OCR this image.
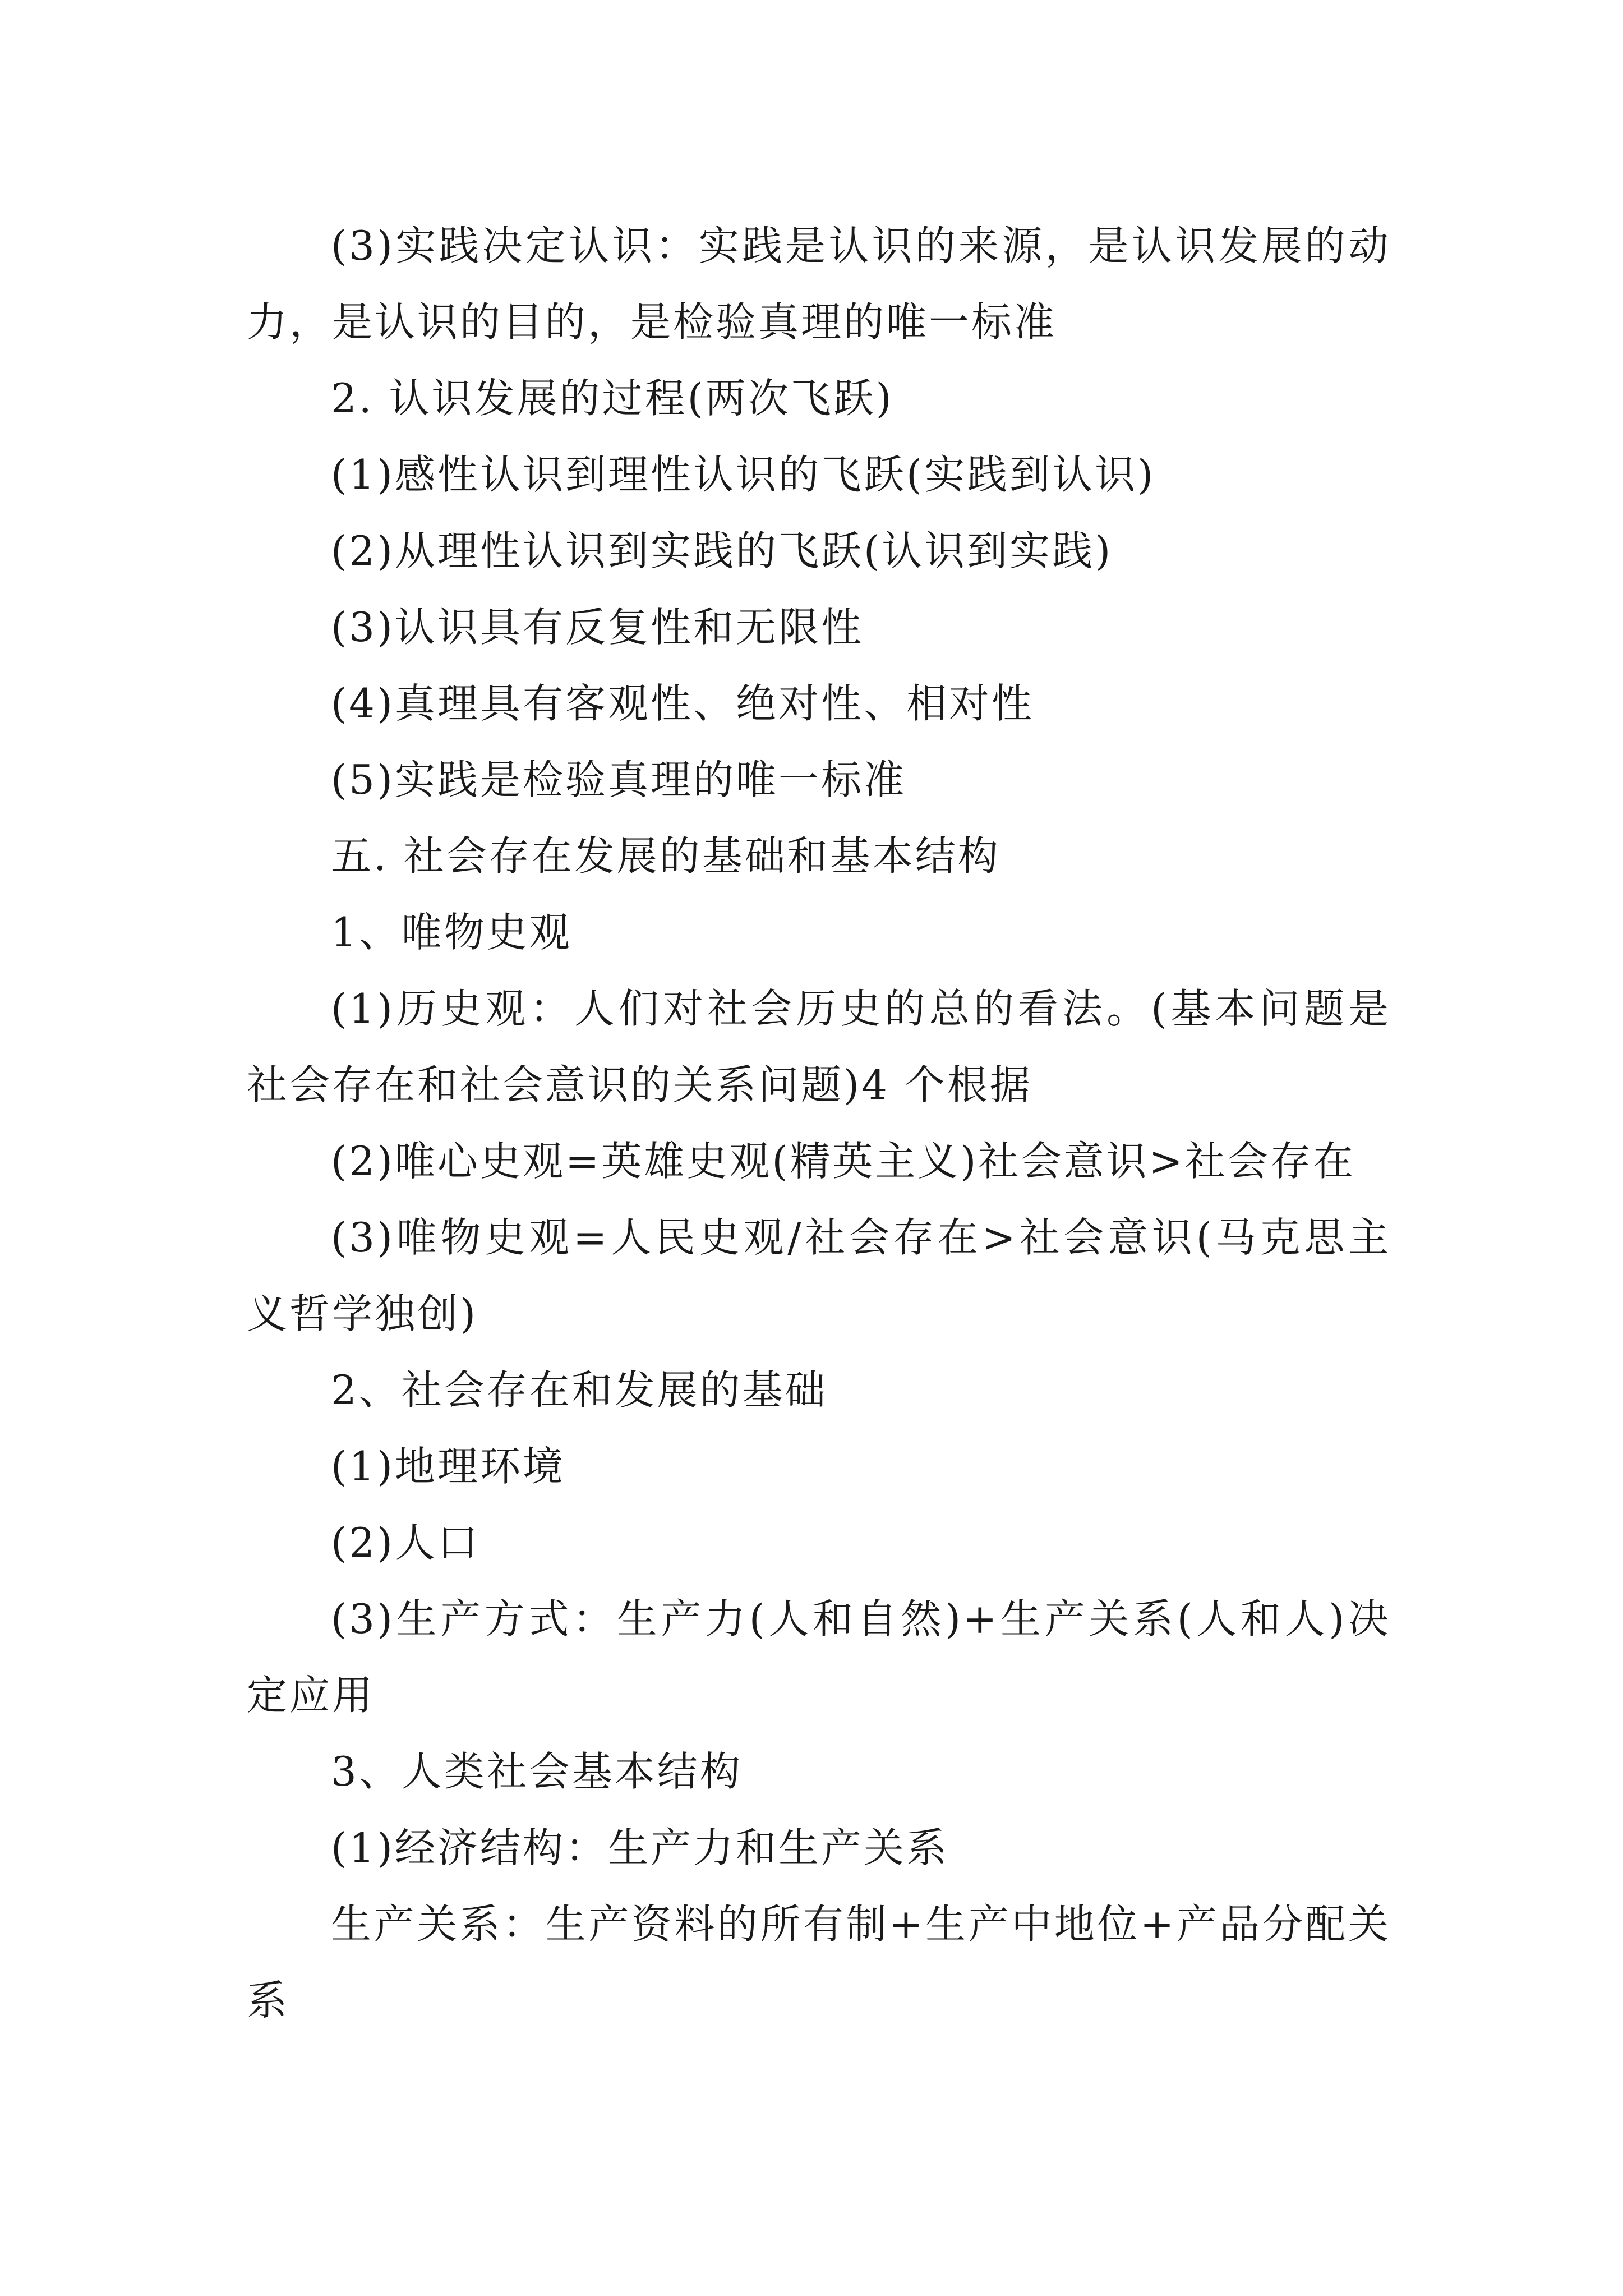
(3)实践决定认识：实践是认识的来源，是认识发展的动力，是认识的目的，是检验真理的唯一标准

2. 认识发展的过程(两次飞跃)

(1)感性认识到理性认识的飞跃(实践到认识)

(2)从理性认识到实践的飞跃(认识到实践)

(3)认识具有反复性和无限性

(4)真理具有客观性、绝对性、相对性

(5)实践是检验真理的唯一标准

五. 社会存在发展的基础和基本结构

1、唯物史观

(1)历史观：人们对社会历史的总的看法。(基本问题是社会存在和社会意识的关系问题)4 个根据

(2)唯心史观=英雄史观(精英主义)社会意识>社会存在

(3)唯物史观=人民史观/社会存在>社会意识(马克思主义哲学独创)

2、社会存在和发展的基础

(1)地理环境

(2)人口

(3)生产方式：生产力(人和自然)+生产关系(人和人)决定应用

3、人类社会基本结构

(1)经济结构：生产力和生产关系

生产关系：生产资料的所有制+生产中地位+产品分配关系
